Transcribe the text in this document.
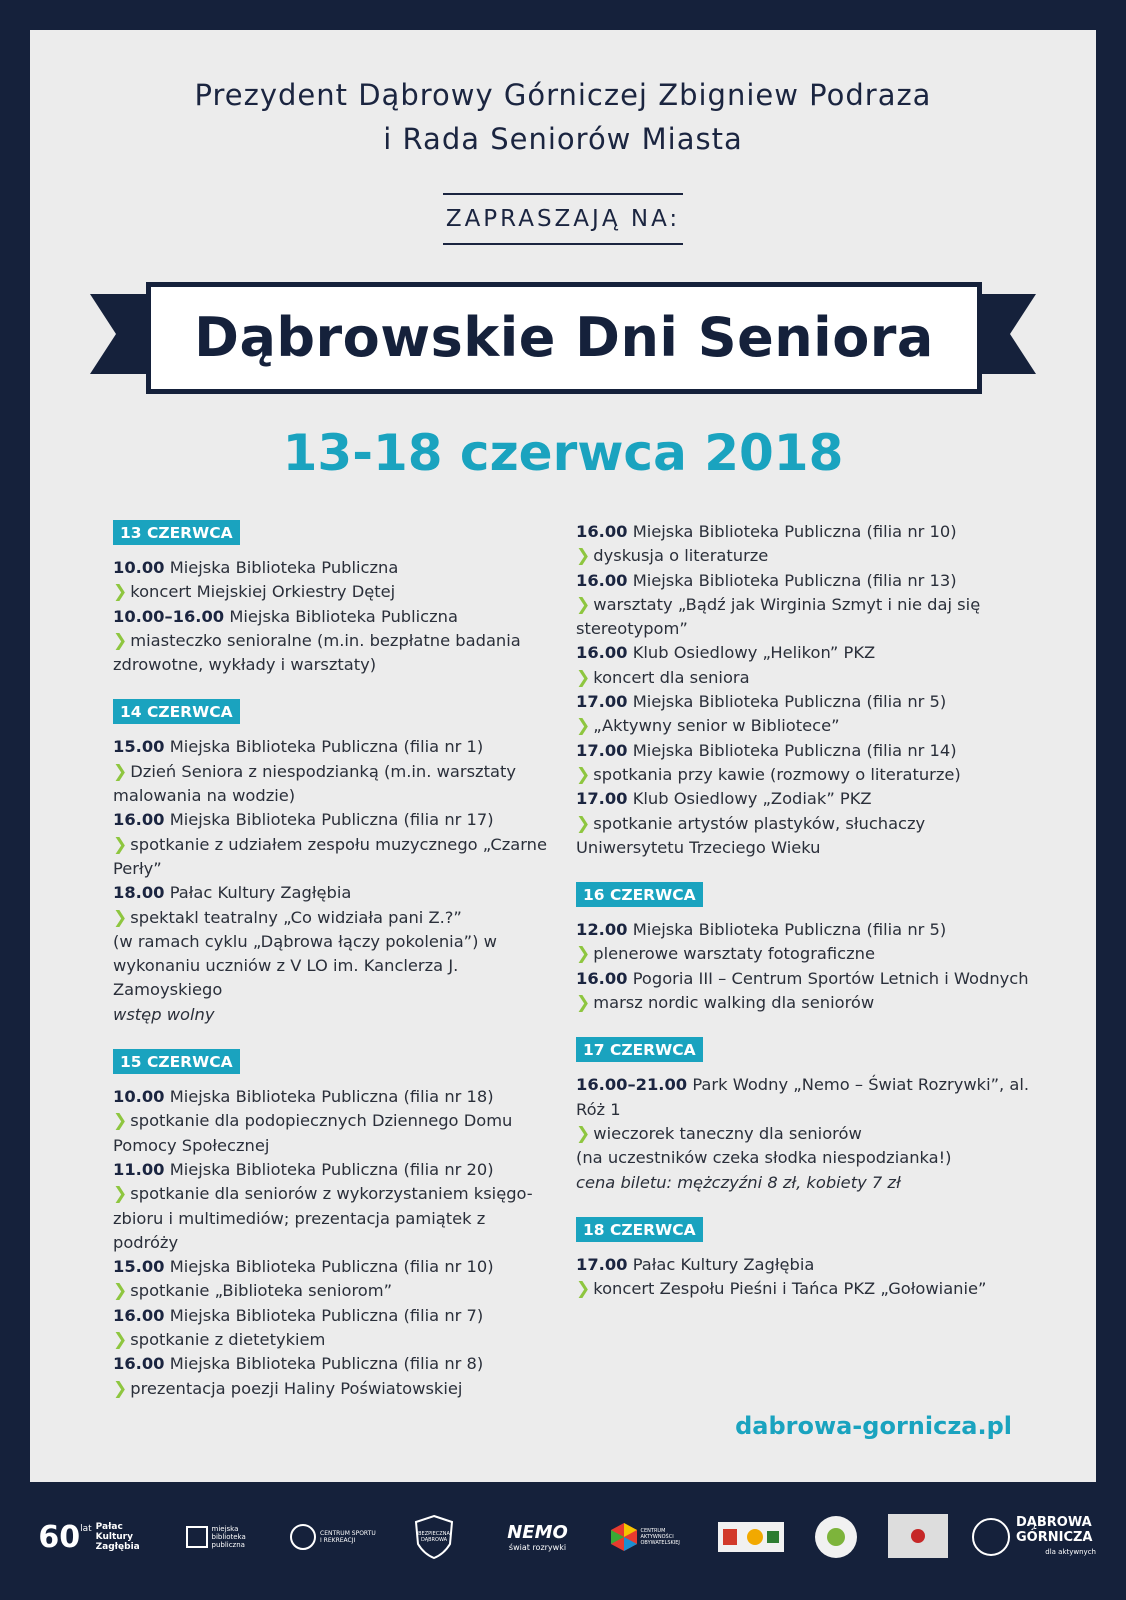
Prezydent Dąbrowy Górniczej Zbigniew Podraza
i Rada Seniorów Miasta
ZAPRASZAJĄ NA:
Dąbrowskie Dni Seniora
13-18 czerwca 2018
13 CZERWCA
10.00 Miejska Biblioteka Publiczna
❯ koncert Miejskiej Orkiestry Dętej
10.00–16.00 Miejska Biblioteka Publiczna
❯ miasteczko senioralne (m.in. bezpłatne badania zdrowotne, wykłady i warsztaty)
14 CZERWCA
15.00 Miejska Biblioteka Publiczna (filia nr 1)
❯ Dzień Seniora z niespodzianką (m.in. warsztaty malowania na wodzie)
16.00 Miejska Biblioteka Publiczna (filia nr 17)
❯ spotkanie z udziałem zespołu muzycznego „Czarne Perły”
18.00 Pałac Kultury Zagłębia
❯ spektakl teatralny „Co widziała pani Z.?”
(w ramach cyklu „Dąbrowa łączy pokolenia”) w wykonaniu uczniów z V LO im. Kanclerza J. Zamoyskiego
wstęp wolny
15 CZERWCA
10.00 Miejska Biblioteka Publiczna (filia nr 18)
❯ spotkanie dla podopiecznych Dziennego Domu Pomocy Społecznej
11.00 Miejska Biblioteka Publiczna (filia nr 20)
❯ spotkanie dla seniorów z wykorzystaniem księgo-zbioru i multimediów; prezentacja pamiątek z podróży
15.00 Miejska Biblioteka Publiczna (filia nr 10)
❯ spotkanie „Biblioteka seniorom”
16.00 Miejska Biblioteka Publiczna (filia nr 7)
❯ spotkanie z dietetykiem
16.00 Miejska Biblioteka Publiczna (filia nr 8)
❯ prezentacja poezji Haliny Poświatowskiej
16.00 Miejska Biblioteka Publiczna (filia nr 10)
❯ dyskusja o literaturze
16.00 Miejska Biblioteka Publiczna (filia nr 13)
❯ warsztaty „Bądź jak Wirginia Szmyt i nie daj się stereotypom”
16.00 Klub Osiedlowy „Helikon” PKZ
❯ koncert dla seniora
17.00 Miejska Biblioteka Publiczna (filia nr 5)
❯ „Aktywny senior w Bibliotece”
17.00 Miejska Biblioteka Publiczna (filia nr 14)
❯ spotkania przy kawie (rozmowy o literaturze)
17.00 Klub Osiedlowy „Zodiak” PKZ
❯ spotkanie artystów plastyków, słuchaczy Uniwersytetu Trzeciego Wieku
16 CZERWCA
12.00 Miejska Biblioteka Publiczna (filia nr 5)
❯ plenerowe warsztaty fotograficzne
16.00 Pogoria III – Centrum Sportów Letnich i Wodnych
❯ marsz nordic walking dla seniorów
17 CZERWCA
16.00–21.00 Park Wodny „Nemo – Świat Rozrywki”, al. Róż 1
❯ wieczorek taneczny dla seniorów
(na uczestników czeka słodka niespodzianka!)
cena biletu: mężczyźni 8 zł, kobiety 7 zł
18 CZERWCA
17.00 Pałac Kultury Zagłębia
❯ koncert Zespołu Pieśni i Tańca PKZ „Gołowianie”
dabrowa-gornicza.pl
60 lat Pałac Kultury Zagłębia
miejska biblioteka publiczna
CENTRUM SPORTU I REKREACJI
BEZPIECZNA DĄBROWA	NEMO
świat rozrywki
CENTRUM AKTYWNOŚCI OBYWATELSKIEJ
DĄBROWA GÓRNICZA
dla aktywnych
